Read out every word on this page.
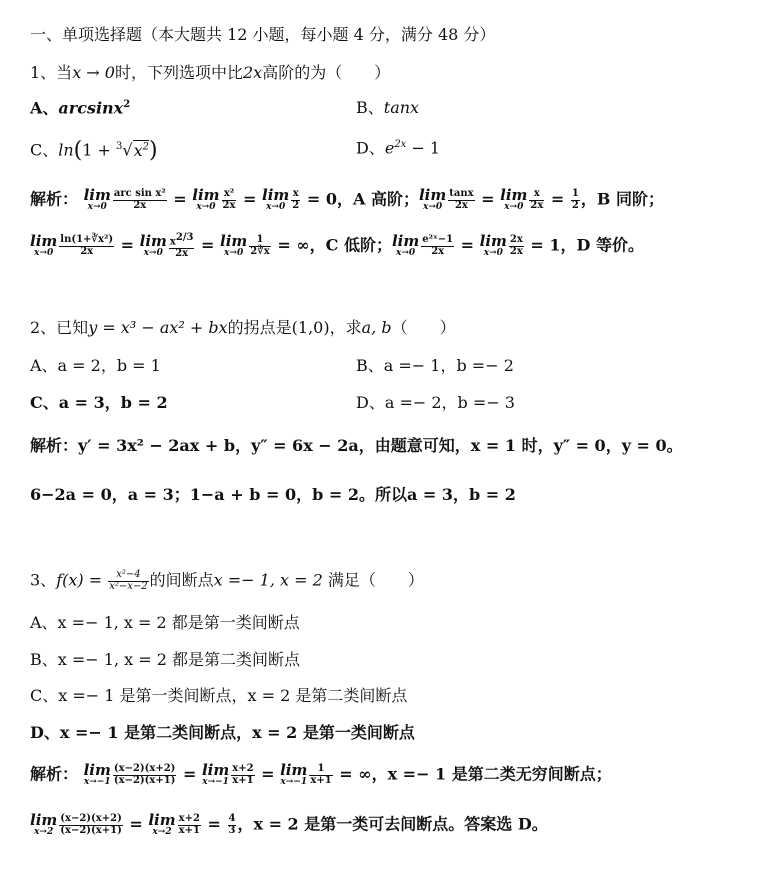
一、单项选择题（本大题共 12 小题，每小题 4 分，满分 48 分）
1、当x → 0时，下列选项中比2x高阶的为（　　）
A、arcsinx$^2$	B、tanx
C、$\ln(1 + ^3√x^2)$	D、$e^{2x} - 1$
解析： lim
$x\to 0 \frac{\text{arc sin x²}}{2x} = \lim$
$x\to 0 \frac{\text{x²}}{2x} = \lim$
$x\to 0 \frac{x}{2} = 0$，A 高阶； lim
$x\to 0 \frac{\tan x}{2x} = \lim$
$x\to 0 \frac{x}{2x} = \frac{1}{2}$ ，B 同阶；
lim
$x\to 0 \frac{\text{ln(1+∛x²)}}{2x} = \lim$
$x\to 0 \frac{x^{2/3}}{2x} = \lim$
$x\to 0 \frac{1}{2∛x}$ = ∞，C 低阶； lim
$x\to 0 \frac{\text{e²ˣ−1}}{2x} = \lim$
$x\to 0 \frac{2x}{2x} = 1$，D 等价。
2、已知y = x³ − ax² + bx的拐点是(1,0)，求a, b（　　）
A、a = 2，b = 1	B、a =− 1，b =− 2
C、a = 3，b = 2	D、a =− 2，b =− 3
解析：y′ = 3x² − 2ax + b，y″ = 6x − 2a，由题意可知，x = 1 时，y″ = 0，y = 0。
6−2a = 0，a = 3；1−a + b = 0，b = 2。所以a = 3，b = 2
3、$f(x) = \frac{\text{x²−4}}{\text{x²−x−2}}$ 的间断点x =− 1, x = 2 满足（　　）
A、x =− 1, x = 2 都是第一类间断点
B、x =− 1, x = 2 都是第二类间断点
C、x =− 1 是第一类间断点，x = 2 是第二类间断点
D、x =− 1 是第二类间断点，x = 2 是第一类间断点
解析： lim
$x\to-1 \frac{(x-2)(x+2)}{(x-2)(x+1)} = \lim$
$x\to-1 \frac{x+2}{x+1} = \lim$
$x\to-1 \frac{1}{x+1}$ = ∞，x =− 1 是第二类无穷间断点；
lim
$x\to 2 \frac{(x-2)(x+2)}{(x-2)(x+1)} = \lim$
$x\to 2 \frac{x+2}{x+1} = \frac{4}{3}$ ，x = 2 是第一类可去间断点。答案选 D。
